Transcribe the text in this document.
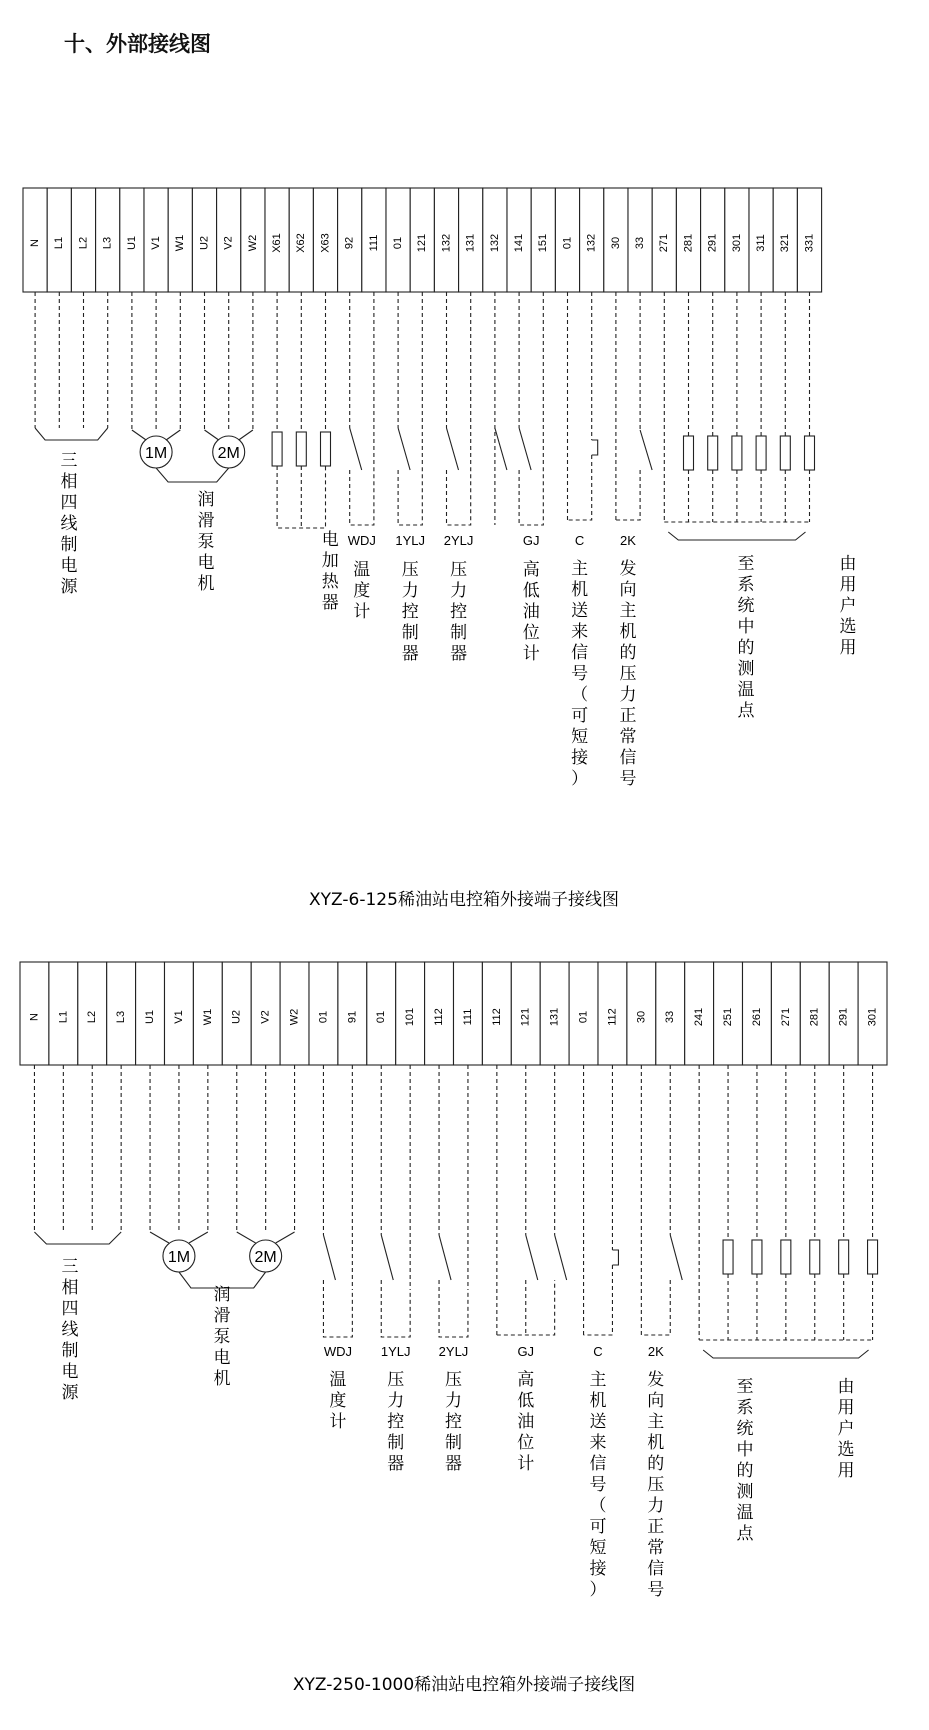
十、外部接线图
N L1 L2 L3 U1 V1 W1 U2 V2 W2 X61 X62 X63 92 111 01 121 132 131 132 141 151 01 132 30 33 271 281 291 301 311 321 331
三相四线制电源
1M	2M
润滑泵电机
电加热器
WDJ
温度计
1YLJ
压力控制器
2YLJ
压力控制器
GJ
高低油位计
C
主机送来信号（可短接）
2K
发向主机的压力正常信号
至系统中的测温点
由用户选用
XYZ-6-125稀油站电控箱外接端子接线图
N L1 L2 L3 U1 V1 W1 U2 V2 W2 01 91 01 101 112 111 112 121 131 01 112 30 33 241 251 261 271 281 291 301
三相四线制电源
1M	2M
润滑泵电机
WDJ
温度计
1YLJ
压力控制器
2YLJ
压力控制器
GJ
高低油位计
C
主机送来信号（可短接）
2K
发向主机的压力正常信号
至系统中的测温点
由用户选用
XYZ-250-1000稀油站电控箱外接端子接线图
